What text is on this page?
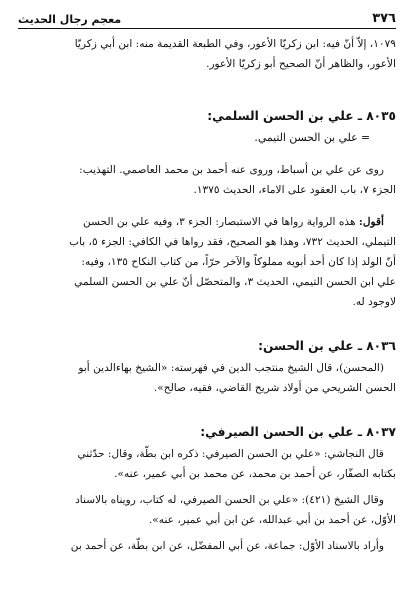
٣٧٦
معجم رجال الحديث

١٠٧٩، إلاّ أنّ فيه: ابن زكريّا الأعور، وفي الطبعة القديمة منه: ابن أبي زكريّا

الأعور، والظاهر أنّ الصحيح أبو زكريّا الأعور.

٨٠٣٥ ـ علي بن الحسن السلمي:

= علي بن الحسن التيمي.

روى عن علي بن أسباط، وروى عنه أحمد بن محمد العاصمي. التهذيب:

الجزء ٧، باب العقود على الاماء، الحديث ١٣٧٥.

أقول: هذه الرواية رواها في الاستبصار: الجزء ٣، وفيه علي بن الحسن

التيملي، الحديث ٧٣٢، وهذا هو الصحيح، فقد رواها في الكافي: الجزء ٥، باب

أنّ الولد إذا كان أحد أبويه مملوكاً والآخر حرّاً، من كتاب النكاح ١٣٥، وفيه:

علي ابن الحسن التيمي، الحديث ٣، والمتحصّل أنّ علي بن الحسن السلمي

لاوجود له.

٨٠٣٦ ـ علي بن الحسن:

(المحسن)، قال الشيخ منتجب الدين في فهرسته: «الشيخ بهاءالدين أبو

الحسن الشريحي من أولاد شريح القاضي، فقيه، صالح».

٨٠٣٧ ـ علي بن الحسن الصيرفي:

قال النجاشي: «علي بن الحسن الصيرفي: ذكره ابن بطّة، وقال: حدّثني

بكتابه الصفّار، عن أحمد بن محمد، عن محمد بن أبي عمير، عنه».

وقال الشيخ (٤٢١): «علي بن الحسن الصيرفي، له كتاب، رويناه بالاسناد

الأوّل، عن أحمد بن أبي عبدالله، عن ابن أبي عمير، عنه».

وأراد بالاسناد الأوّل: جماعة، عن أبي المفضّل، عن ابن بطّة، عن أحمد بن
